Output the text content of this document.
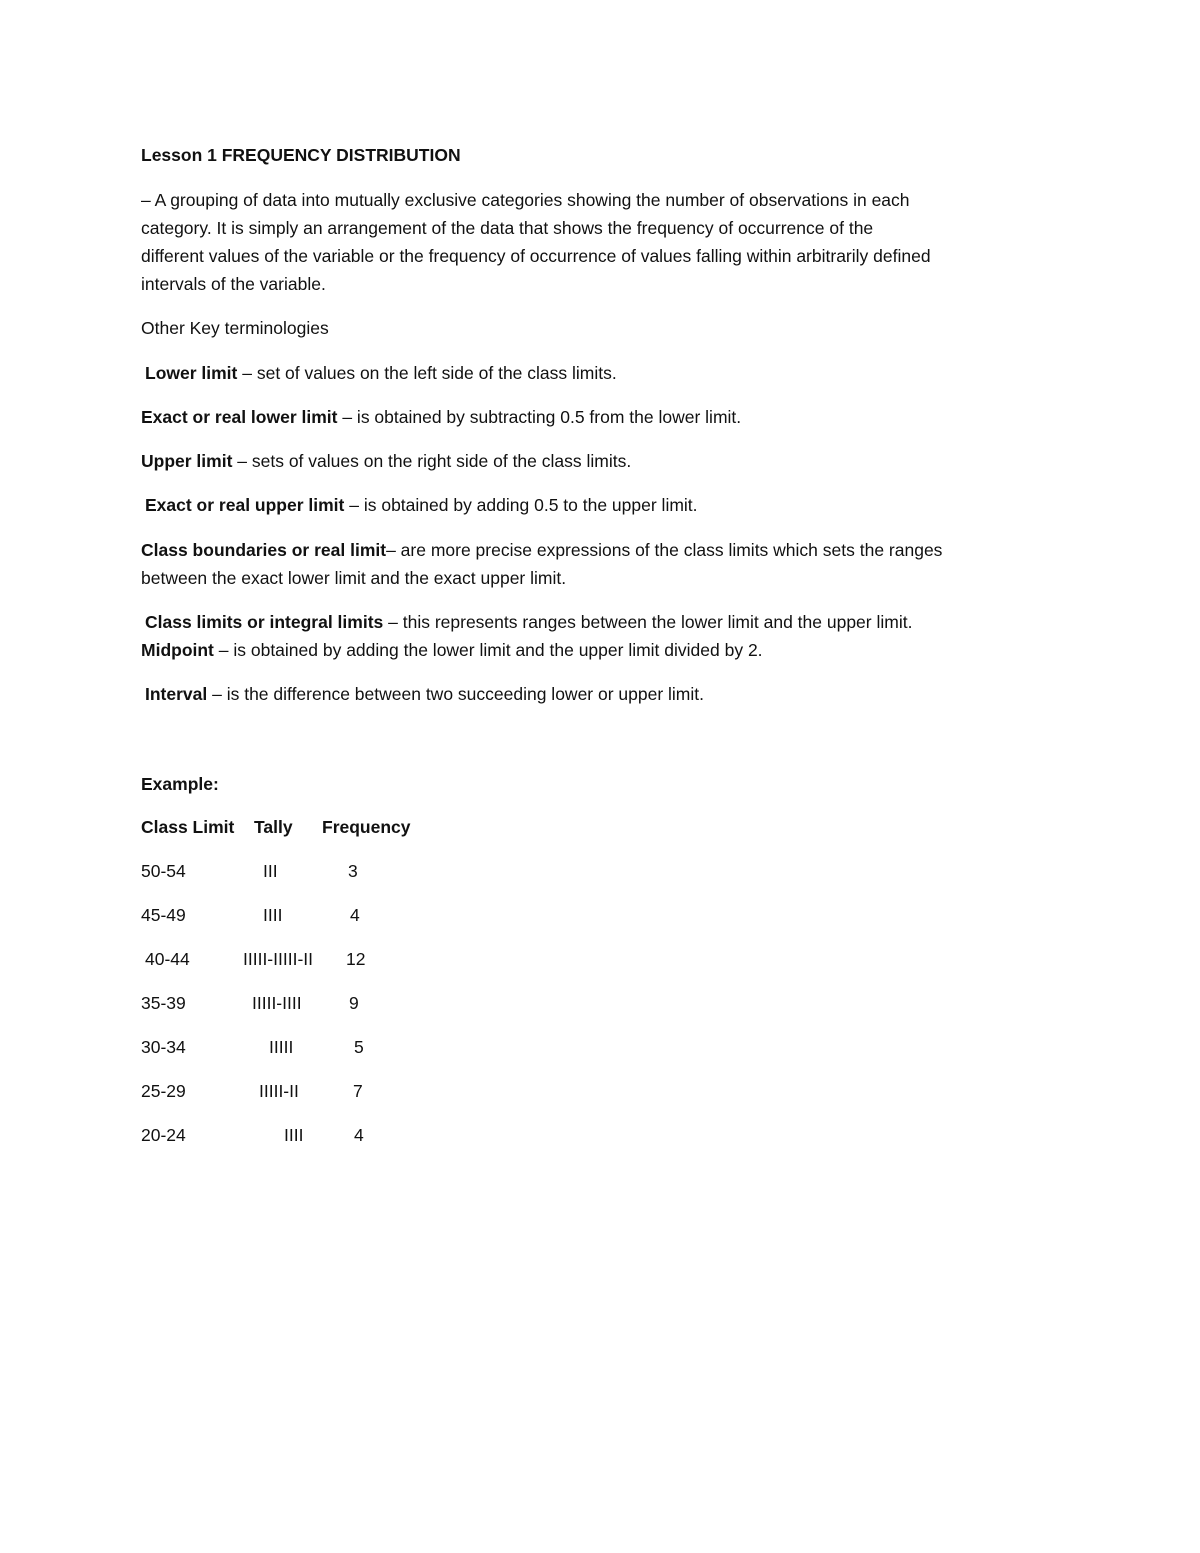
Lesson 1 FREQUENCY DISTRIBUTION

– A grouping of data into mutually exclusive categories showing the number of observations in each

category. It is simply an arrangement of the data that shows the frequency of occurrence of the

different values of the variable or the frequency of occurrence of values falling within arbitrarily defined

intervals of the variable.

Other Key terminologies

Lower limit – set of values on the left side of the class limits.

Exact or real lower limit – is obtained by subtracting 0.5 from the lower limit.

Upper limit – sets of values on the right side of the class limits.

Exact or real upper limit – is obtained by adding 0.5 to the upper limit.

Class boundaries or real limit– are more precise expressions of the class limits which sets the ranges

between the exact lower limit and the exact upper limit.

Class limits or integral limits – this represents ranges between the lower limit and the upper limit.

Midpoint – is obtained by adding the lower limit and the upper limit divided by 2.

Interval – is the difference between two succeeding lower or upper limit.

Example:

Class Limit Tally Frequency
50-54	III	3
45-49	IIII	4
40-44	IIIII-IIIII-II 12
35-39	IIIII-IIII	9
30-34	IIIII	5
25-29	IIIII-II	7
20-24	IIII	4
